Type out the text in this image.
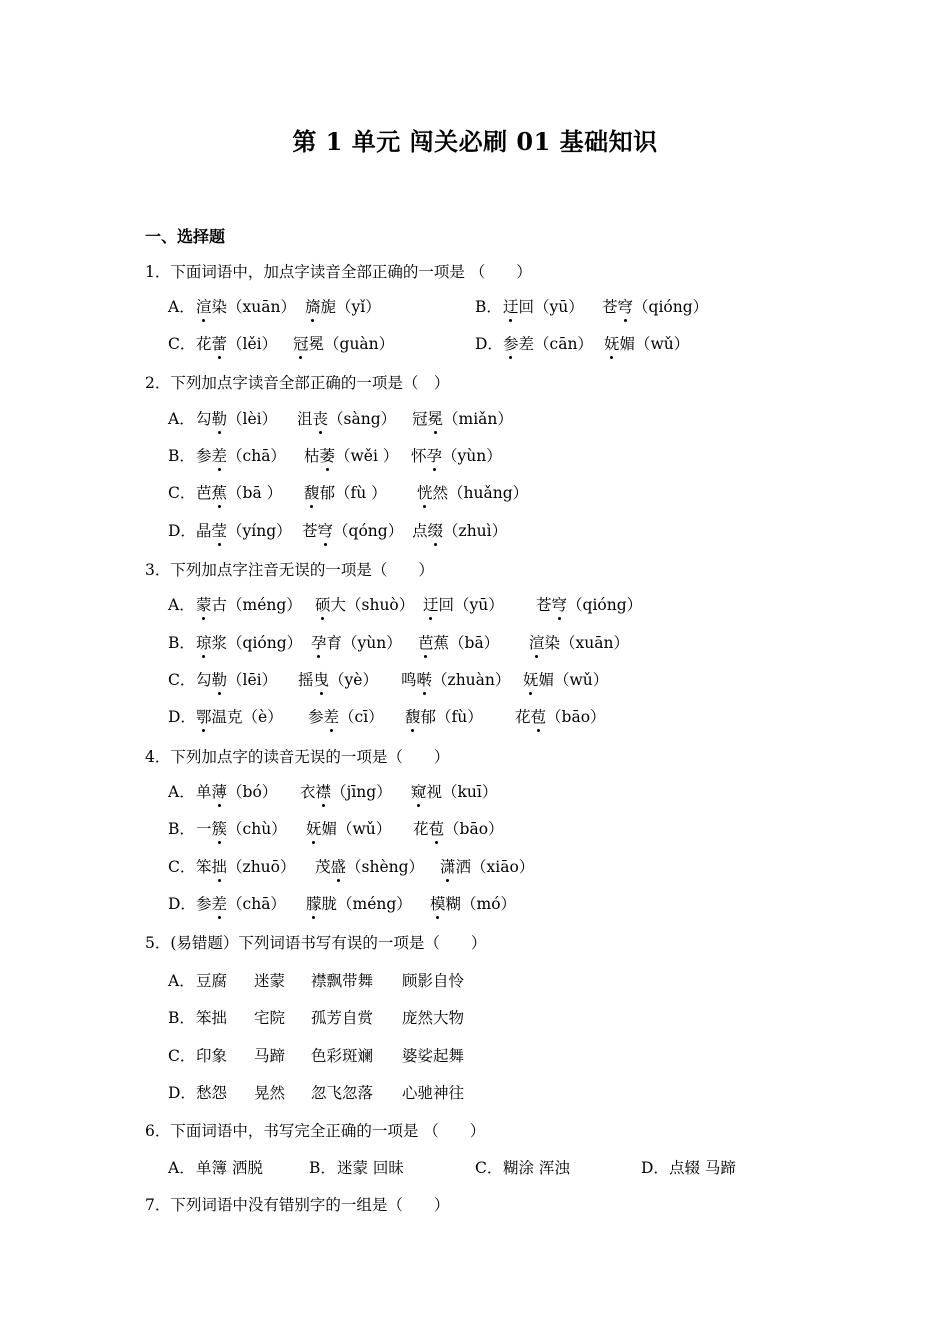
第 1 单元 闯关必刷 01 基础知识
一、选择题
1．下面词语中，加点字读音全部正确的一项是 （　　）
A． 渲染（xuān） 旖旎（yǐ）	B． 迂回（yū） 苍穹（qióng）
C． 花蕾（lěi） 冠冕（guàn）	D． 参差（cān） 妩媚（wǔ）
2．下列加点字读音全部正确的一项是（　）
A． 勾勒（lèi） 沮丧（sàng） 冠冕（miǎn）
B． 参差（chā） 枯萎（wěi ） 怀孕（yùn）
C． 芭蕉（bā ） 馥郁（fù ） 恍然（huǎng）
D． 晶莹（yíng） 苍穹（qóng） 点缀（zhuì）
3．下列加点字注音无误的一项是（　　）
A． 蒙古（méng） 硕大（shuò） 迂回（yū） 苍穹（qióng）
B． 琼浆（qióng） 孕育（yùn） 芭蕉（bā） 渲染（xuān）
C． 勾勒（lēi） 摇曳（yè） 鸣啭（zhuàn） 妩媚（wǔ）
D． 鄂温克（è） 参差（cī） 馥郁（fù） 花苞（bāo）
4．下列加点字的读音无误的一项是（　　）
A． 单薄（bó） 衣襟（jīng） 窥视（kuī）
B． 一簇（chù） 妩媚（wǔ） 花苞（bāo）
C． 笨拙（zhuō） 茂盛（shèng） 潇洒（xiāo）
D． 参差（chā） 朦胧（méng） 模糊（mó）
5．(易错题）下列词语书写有误的一项是（　　）
A． 豆腐 迷蒙 襟飘带舞 顾影自怜
B． 笨拙 宅院 孤芳自赏 庞然大物
C． 印象 马蹄 色彩斑斓 婆娑起舞
D． 愁怨 晃然 忽飞忽落 心驰神往
6．下面词语中，书写完全正确的一项是 （　　）
A． 单簿 洒脱	B． 迷蒙 回昧	C． 糊涂 浑浊	D． 点辍 马蹄
7．下列词语中没有错别字的一组是（　　）
